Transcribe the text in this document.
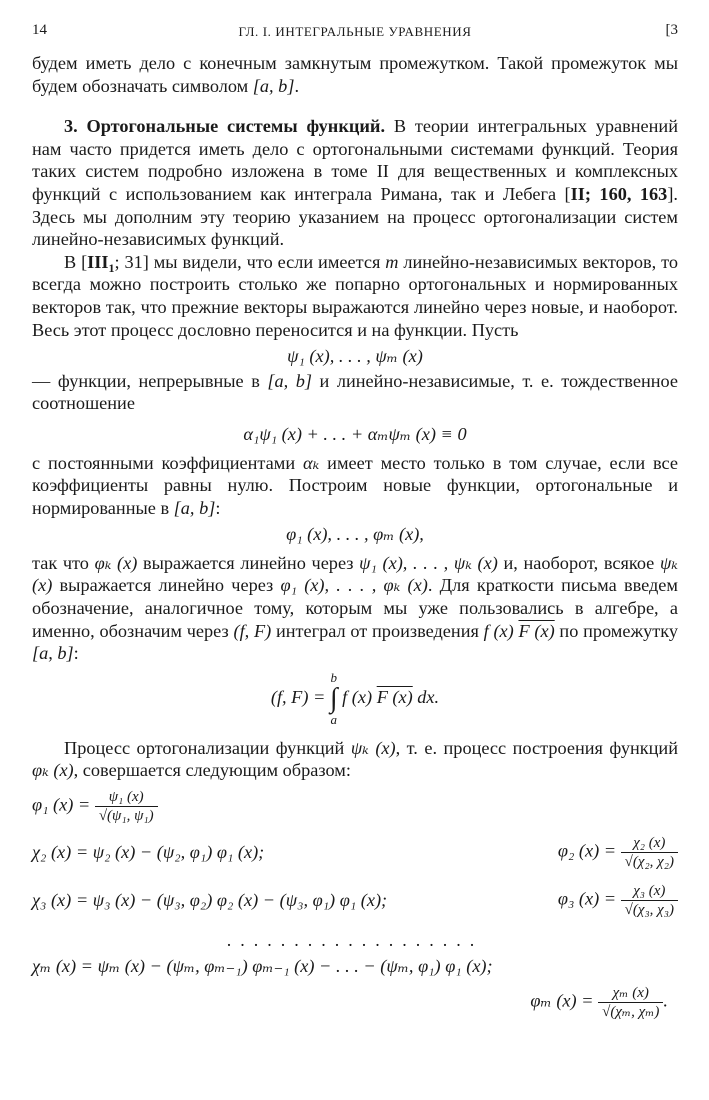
14	ГЛ. I. ИНТЕГРАЛЬНЫЕ УРАВНЕНИЯ	[3

будем иметь дело с конечным замкнутым промежутком. Такой промежуток мы будем обозначать символом [a, b].

3. Ортогональные системы функций. В теории интегральных уравнений нам часто придется иметь дело с ортогональными системами функций. Теория таких систем подробно изложена в томе II для вещественных и комплексных функций с использованием как интеграла Римана, так и Лебега [II; 160, 163]. Здесь мы дополним эту теорию указанием на процесс ортогонализации систем линейно-независимых функций.

В [$III_1$; 31] мы видели, что если имеется m линейно-независимых векторов, то всегда можно построить столько же попарно ортогональных и нормированных векторов так, что прежние векторы выражаются линейно через новые, и наоборот. Весь этот процесс дословно переносится и на функции. Пусть

ψ₁ (x), . . . , ψₘ (x)

— функции, непрерывные в [a, b] и линейно-независимые, т. е. тождественное соотношение

α₁ψ₁ (x) + . . . + αₘψₘ (x) ≡ 0

с постоянными коэффициентами αₖ имеет место только в том случае, если все коэффициенты равны нулю. Построим новые функции, ортогональные и нормированные в [a, b]:

φ₁ (x), . . . , φₘ (x),

так что φₖ (x) выражается линейно через ψ₁ (x), . . . , ψₖ (x) и, наоборот, всякое ψₖ (x) выражается линейно через φ₁ (x), . . . , φₖ (x). Для краткости письма введем обозначение, аналогичное тому, которым мы уже пользовались в алгебре, а именно, обозначим через (f, F) интеграл от произведения f (x) F (x) по промежутку [a, b]:

(f, F) = b
∫
a f (x) F (x) dx.

Процесс ортогонализации функций ψₖ (x), т. е. процесс построения функций φₖ (x), совершается следующим образом:

φ₁ $(x) = \frac{\text{ψ₁ (x)}}{\text{√(ψ₁, ψ₁)}}$
χ₂ (x) = ψ₂ (x) − (ψ₂, φ₁) φ₁ (x);	φ₂ $(x) = \frac{\text{χ₂ (x)}}{\text{√(χ₂, χ₂)}}$
χ₃ (x) = ψ₃ (x) − (ψ₃, φ₂) φ₂ (x) − (ψ₃, φ₁) φ₁ (x);	φ₃ $(x) = \frac{\text{χ₃ (x)}}{\text{√(χ₃, χ₃)}}$
...................
χₘ (x) = ψₘ (x) − (ψₘ, φₘ₋₁) φₘ₋₁ (x) − . . . − (ψₘ, φ₁) φ₁ (x);
φₘ $(x) = \frac{\text{χₘ (x)}}{\text{√(χₘ, χₘ)}}$ .
